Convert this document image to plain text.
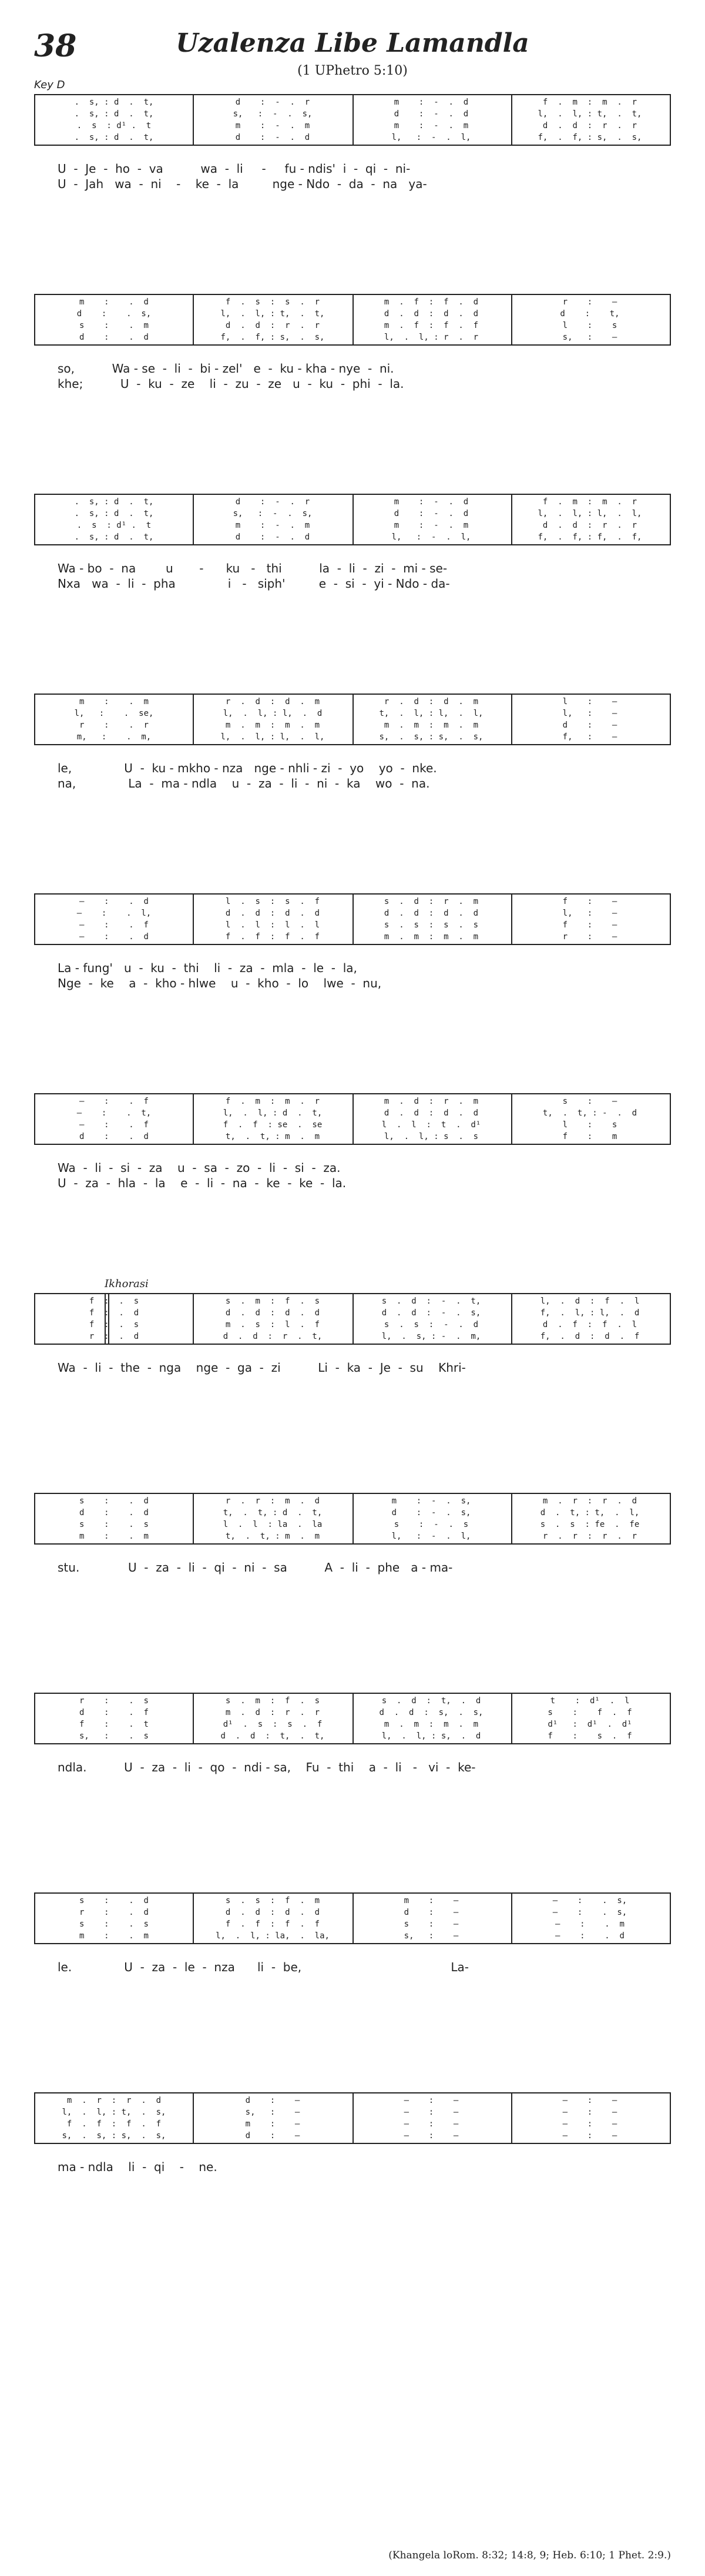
38	Uzalenza Libe Lamandla
(1 UPhetro 5:10)
Key D
.  s, : d  .  t,	d    :  -  .  r	m    :  -  .  d	f  .  m  :  m  .  r
.  s, : d  .  t,	s,   :  -  .  s,	d    :  -  .  d	l,  .  l, : t,  .  t,
.  s  : d¹ .  t	m    :  -  .  m	m    :  -  .  m	d  .  d  :  r  .  r
.  s, : d  .  t,	d    :  -  .  d	l,   :  -  .  l,	f,  .  f, : s,  .  s,
U  -  Je  -  ho  -  va          wa  -  li     -     fu - ndis'  i  -  qi  -  ni-
U  -  Jah   wa  -  ni    -    ke  -  la         nge - Ndo  -  da  -  na   ya-
m    :    .  d	f  .  s  :  s  .  r	m  .  f  :  f  .  d	r    :    —
d    :    .  s,	l,  .  l, : t,  .  t,	d  .  d  :  d  .  d	d    :    t,
s    :    .  m	d  .  d  :  r  .  r	m  .  f  :  f  .  f	l    :    s
d    :    .  d	f,  .  f, : s,  .  s,	l,  .  l, : r  .  r	s,   :    —
so,          Wa - se  -  li  -  bi - zel'   e  -  ku - kha - nye  -  ni.
khe;          U  -  ku  -  ze    li  -  zu  -  ze   u  -  ku  -  phi  -  la.
.  s, : d  .  t,	d    :  -  .  r	m    :  -  .  d	f  .  m  :  m  .  r
.  s, : d  .  t,	s,   :  -  .  s,	d    :  -  .  d	l,  .  l, : l,  .  l,
.  s  : d¹ .  t	m    :  -  .  m	m    :  -  .  m	d  .  d  :  r  .  r
.  s, : d  .  t,	d    :  -  .  d	l,   :  -  .  l,	f,  .  f, : f,  .  f,
Wa - bo  -  na        u       -      ku   -   thi          la  -  li  -  zi  -  mi - se-
Nxa   wa  -  li  -  pha              i   -   siph'         e  -  si  -  yi - Ndo - da-
m    :    .  m	r  .  d  :  d  .  m	r  .  d  :  d  .  m	l    :    —
l,   :    .  se,	l,  .  l, : l,  .  d	t,  .  l, : l,  .  l,	l,   :    —
r    :    .  r	m  .  m  :  m  .  m	m  .  m  :  m  .  m	d    :    —
m,   :    .  m,	l,  .  l, : l,  .  l,	s,  .  s, : s,  .  s,	f,   :    —
le,              U  -  ku - mkho - nza   nge - nhli - zi  -  yo    yo  -  nke.
na,              La  -  ma - ndla    u  -  za  -  li  -  ni  -  ka    wo  -  na.
—    :    .  d	l  .  s  :  s  .  f	s  .  d  :  r  .  m	f    :    —
—    :    .  l,	d  .  d  :  d  .  d	d  .  d  :  d  .  d	l,   :    —
—    :    .  f	l  .  l  :  l  .  l	s  .  s  :  s  .  s	f    :    —
—    :    .  d	f  .  f  :  f  .  f	m  .  m  :  m  .  m	r    :    —
La - fung'   u  -  ku  -  thi    li  -  za  -  mla  -  le  -  la,
Nge  -  ke    a  -  kho - hlwe    u  -  kho  -  lo    lwe  -  nu,
—    :    .  f	f  .  m  :  m  .  r	m  .  d  :  r  .  m	s    :    —
—    :    .  t,	l,  .  l, : d  .  t,	d  .  d  :  d  .  d	t,  .  t, : -  .  d
—    :    .  f	f  .  f  : se  .  se	l  .  l  :  t  .  d¹	l    :    s
d    :    .  d	t,  .  t, : m  .  m	l,  .  l, : s  .  s	f    :    m
Wa  -  li  -  si  -  za    u  -  sa  -  zo  -  li  -  si  -  za.
U  -  za  -  hla  -  la    e  -  li  -  na  -  ke  -  ke  -  la.
Ikhorasi
f  :  .  s	s  .  m  :  f  .  s	s  .  d  :  -  .  t,	l,  .  d  :  f  .  l
f  :  .  d	d  .  d  :  d  .  d	d  .  d  :  -  .  s,	f,  .  l, : l,  .  d
f  :  .  s	m  .  s  :  l  .  f	s  .  s  :  -  .  d	d  .  f  :  f  .  l
r  :  .  d	d  .  d  :  r  .  t,	l,  .  s, : -  .  m,	f,  .  d  :  d  .  f
Wa  -  li  -  the  -  nga    nge  -  ga  -  zi          Li  -  ka  -  Je  -  su    Khri-
s    :    .  d	r  .  r  :  m  .  d	m    :  -  .  s,	m  .  r  :  r  .  d
d    :    .  d	t,  .  t, : d  .  t,	d    :  -  .  s,	d  .  t, : t,  .  l,
s    :    .  s	l  .  l  : la  .  la	s    :  -  .  s	s  .  s  : fe  .  fe
m    :    .  m	t,  .  t, : m  .  m	l,   :  -  .  l,	r  .  r  :  r  .  r
stu.             U  -  za  -  li  -  qi  -  ni  -  sa          A  -  li  -  phe   a - ma-
r    :    .  s	s  .  m  :  f  .  s	s  .  d  :  t,  .  d	t    :  d¹  .  l
d    :    .  f	m  .  d  :  r  .  r	d  .  d  :  s,  .  s,	s    :    f  .  f
f    :    .  t	d¹  .  s  :  s  .  f	m  .  m  :  m  .  m	d¹   :  d¹  .  d¹
s,   :    .  s	d  .  d  :  t,  .  t,	l,  .  l, : s,  .  d	f    :    s  .  f
ndla.          U  -  za  -  li  -  qo  -  ndi - sa,    Fu  -  thi    a  -  li   -   vi  -  ke-
s    :    .  d	s  .  s  :  f  .  m	m    :    —	—    :    .  s,
r    :    .  d	d  .  d  :  d  .  d	d    :    —	—    :    .  s,
s    :    .  s	f  .  f  :  f  .  f	s    :    —	—    :    .  m
m    :    .  m	l,  .  l, : la,  .  la,	s,   :    —	—    :    .  d
le.              U  -  za  -  le  -  nza      li  -  be,                                        La-
m  .  r  :  r  .  d	d    :    —	—    :    —	—    :    —
l,  .  l, : t,  .  s,	s,   :    —	—    :    —	—    :    —
f  .  f  :  f  .  f	m    :    —	—    :    —	—    :    —
s,  .  s, : s,  .  s,	d    :    —	—    :    —	—    :    —
ma - ndla    li  -  qi    -    ne.
(Khangela loRom. 8:32; 14:8, 9; Heb. 6:10; 1 Phet. 2:9.)
